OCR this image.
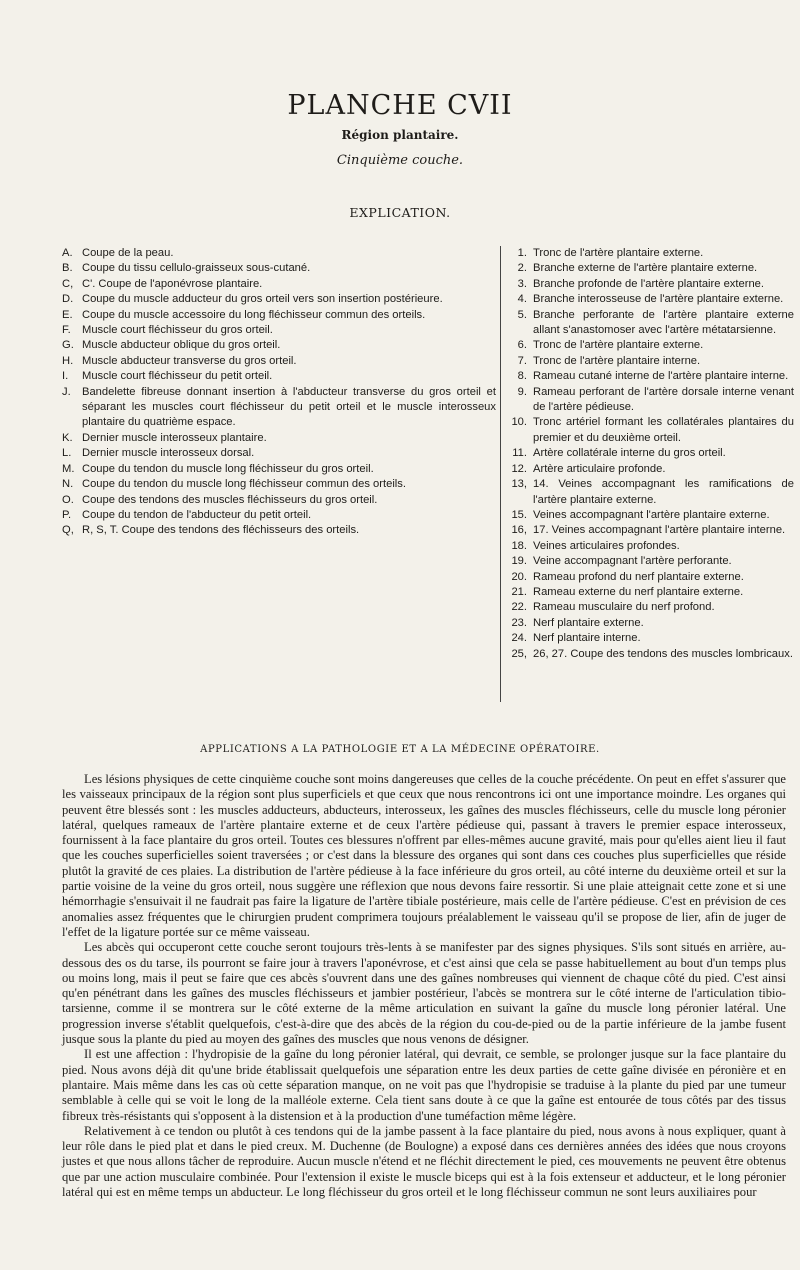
PLANCHE CVII
Région plantaire.
Cinquième couche.
EXPLICATION.
A. Coupe de la peau.
B. Coupe du tissu cellulo-graisseux sous-cutané.
C, C'. Coupe de l'aponévrose plantaire.
D. Coupe du muscle adducteur du gros orteil vers son insertion postérieure.
E. Coupe du muscle accessoire du long fléchisseur commun des orteils.
F.	Muscle court fléchisseur du gros orteil.
G. Muscle abducteur oblique du gros orteil.
H. Muscle abducteur transverse du gros orteil.
I.	Muscle court fléchisseur du petit orteil.
J.	Bandelette fibreuse donnant insertion à l'abducteur transverse du gros orteil et séparant les muscles court fléchisseur du petit orteil et le muscle interosseux plantaire du quatrième espace.
K. Dernier muscle interosseux plantaire.
L. Dernier muscle interosseux dorsal.
M. Coupe du tendon du muscle long fléchisseur du gros orteil.
N. Coupe du tendon du muscle long fléchisseur commun des orteils.
O. Coupe des tendons des muscles fléchisseurs du gros orteil.
P. Coupe du tendon de l'abducteur du petit orteil.
Q, R, S, T. Coupe des tendons des fléchisseurs des orteils.
1. Tronc de l'artère plantaire externe.
2. Branche externe de l'artère plantaire externe.
3. Branche profonde de l'artère plantaire externe.
4. Branche interosseuse de l'artère plantaire externe.
5. Branche perforante de l'artère plantaire externe allant s'anastomoser avec l'artère métatarsienne.
6. Tronc de l'artère plantaire externe.
7. Tronc de l'artère plantaire interne.
8. Rameau cutané interne de l'artère plantaire interne.
9. Rameau perforant de l'artère dorsale interne venant de l'artère pédieuse.
10. Tronc artériel formant les collatérales plantaires du premier et du deuxième orteil.
11. Artère collatérale interne du gros orteil.
12. Artère articulaire profonde.
13, 14. Veines accompagnant les ramifications de l'artère plantaire externe.
15. Veines accompagnant l'artère plantaire externe.
16, 17. Veines accompagnant l'artère plantaire interne.
18. Veines articulaires profondes.
19. Veine accompagnant l'artère perforante.
20. Rameau profond du nerf plantaire externe.
21. Rameau externe du nerf plantaire externe.
22. Rameau musculaire du nerf profond.
23. Nerf plantaire externe.
24. Nerf plantaire interne.
25, 26, 27. Coupe des tendons des muscles lombricaux.
APPLICATIONS A LA PATHOLOGIE ET A LA MÉDECINE OPÉRATOIRE.

Les lésions physiques de cette cinquième couche sont moins dangereuses que celles de la couche précédente. On peut en effet s'assurer que les vaisseaux principaux de la région sont plus superficiels et que ceux que nous rencontrons ici ont une importance moindre. Les organes qui peuvent être blessés sont : les muscles adducteurs, abducteurs, interosseux, les gaînes des muscles fléchisseurs, celle du muscle long péronier latéral, quelques rameaux de l'artère plantaire externe et de ceux l'artère pédieuse qui, passant à travers le premier espace interosseux, fournissent à la face plantaire du gros orteil. Toutes ces blessures n'offrent par elles-mêmes aucune gravité, mais pour qu'elles aient lieu il faut que les couches superficielles soient traversées ; or c'est dans la blessure des organes qui sont dans ces couches plus superficielles que réside plutôt la gravité de ces plaies. La distribution de l'artère pédieuse à la face inférieure du gros orteil, au côté interne du deuxième orteil et sur la partie voisine de la veine du gros orteil, nous suggère une réflexion que nous devons faire ressortir. Si une plaie atteignait cette zone et si une hémorrhagie s'ensuivait il ne faudrait pas faire la ligature de l'artère tibiale postérieure, mais celle de l'artère pédieuse. C'est en prévision de ces anomalies assez fréquentes que le chirurgien prudent comprimera toujours préalablement le vaisseau qu'il se propose de lier, afin de juger de l'effet de la ligature portée sur ce même vaisseau.

Les abcès qui occuperont cette couche seront toujours très-lents à se manifester par des signes physiques. S'ils sont situés en arrière, au-dessous des os du tarse, ils pourront se faire jour à travers l'aponévrose, et c'est ainsi que cela se passe habituellement au bout d'un temps plus ou moins long, mais il peut se faire que ces abcès s'ouvrent dans une des gaînes nombreuses qui viennent de chaque côté du pied. C'est ainsi qu'en pénétrant dans les gaînes des muscles fléchisseurs et jambier postérieur, l'abcès se montrera sur le côté interne de l'articulation tibio-tarsienne, comme il se montrera sur le côté externe de la même articulation en suivant la gaîne du muscle long péronier latéral. Une progression inverse s'établit quelquefois, c'est-à-dire que des abcès de la région du cou-de-pied ou de la partie inférieure de la jambe fusent jusque sous la plante du pied au moyen des gaînes des muscles que nous venons de désigner.

Il est une affection : l'hydropisie de la gaîne du long péronier latéral, qui devrait, ce semble, se prolonger jusque sur la face plantaire du pied. Nous avons déjà dit qu'une bride établissait quelquefois une séparation entre les deux parties de cette gaîne divisée en péronière et en plantaire. Mais même dans les cas où cette séparation manque, on ne voit pas que l'hydropisie se traduise à la plante du pied par une tumeur semblable à celle qui se voit le long de la malléole externe. Cela tient sans doute à ce que la gaîne est entourée de tous côtés par des tissus fibreux très-résistants qui s'opposent à la distension et à la production d'une tuméfaction même légère.

Relativement à ce tendon ou plutôt à ces tendons qui de la jambe passent à la face plantaire du pied, nous avons à nous expliquer, quant à leur rôle dans le pied plat et dans le pied creux. M. Duchenne (de Boulogne) a exposé dans ces dernières années des idées que nous croyons justes et que nous allons tâcher de reproduire. Aucun muscle n'étend et ne fléchit directement le pied, ces mouvements ne peuvent être obtenus que par une action musculaire combinée. Pour l'extension il existe le muscle biceps qui est à la fois extenseur et adducteur, et le long péronier latéral qui est en même temps un abducteur. Le long fléchisseur du gros orteil et le long fléchisseur commun ne sont leurs auxiliaires pour
